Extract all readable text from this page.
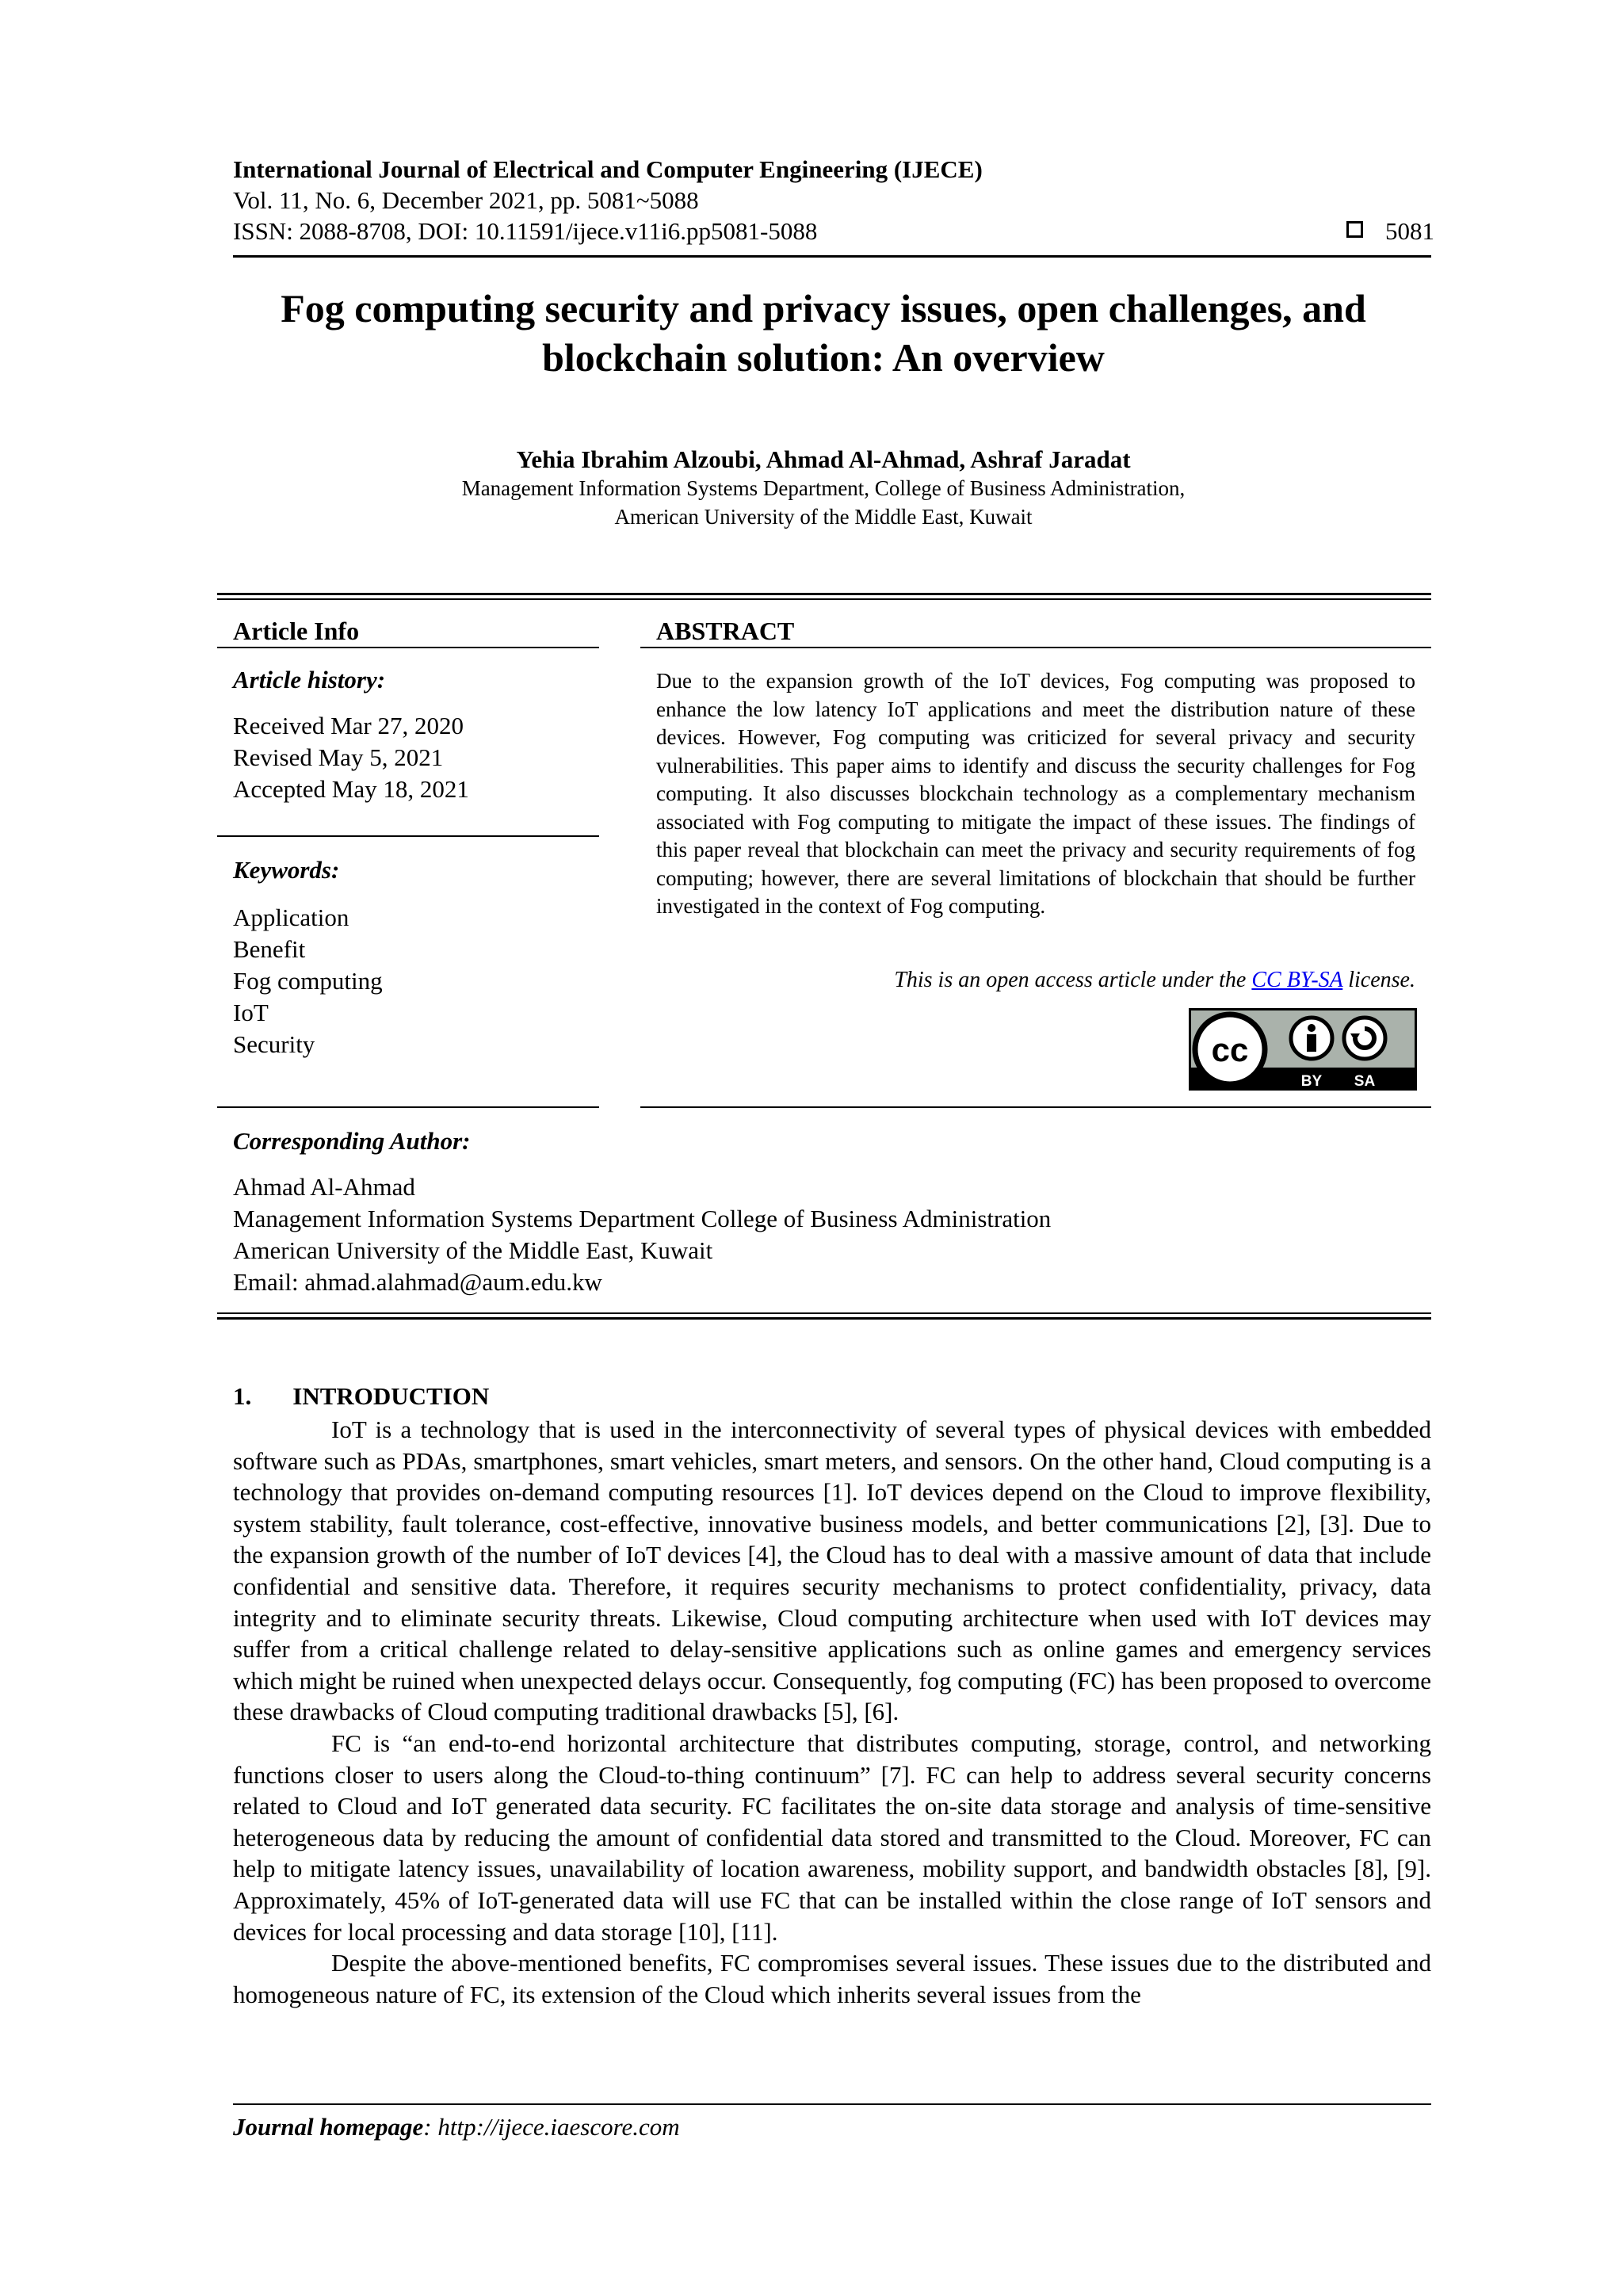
International Journal of Electrical and Computer Engineering (IJECE)
Vol. 11, No. 6, December 2021, pp. 5081~5088
ISSN: 2088-8708, DOI: 10.11591/ijece.v11i6.pp5081-5088	5081
Fog computing security and privacy issues, open challenges, and
blockchain solution: An overview
Yehia Ibrahim Alzoubi, Ahmad Al-Ahmad, Ashraf Jaradat
Management Information Systems Department, College of Business Administration,
American University of the Middle East, Kuwait
Article Info
Article history:
Received Mar 27, 2020
Revised May 5, 2021
Accepted May 18, 2021
Keywords:
Application
Benefit
Fog computing
IoT
Security
ABSTRACT
Due to the expansion growth of the IoT devices, Fog computing was proposed to enhance the low latency IoT applications and meet the distribution nature of these devices. However, Fog computing was criticized for several privacy and security vulnerabilities. This paper aims to identify and discuss the security challenges for Fog computing. It also discusses blockchain technology as a complementary mechanism associated with Fog computing to mitigate the impact of these issues. The findings of this paper reveal that blockchain can meet the privacy and security requirements of fog computing; however, there are several limitations of blockchain that should be further investigated in the context of Fog computing.
This is an open access article under the CC BY-SA license.
cc
BY SA
Corresponding Author:
Ahmad Al-Ahmad
Management Information Systems Department College of Business Administration
American University of the Middle East, Kuwait
Email: ahmad.alahmad@aum.edu.kw
1. INTRODUCTION

IoT is a technology that is used in the interconnectivity of several types of physical devices with embedded software such as PDAs, smartphones, smart vehicles, smart meters, and sensors. On the other hand, Cloud computing is a technology that provides on-demand computing resources [1]. IoT devices depend on the Cloud to improve flexibility, system stability, fault tolerance, cost-effective, innovative business models, and better communications [2], [3]. Due to the expansion growth of the number of IoT devices [4], the Cloud has to deal with a massive amount of data that include confidential and sensitive data. Therefore, it requires security mechanisms to protect confidentiality, privacy, data integrity and to eliminate security threats. Likewise, Cloud computing architecture when used with IoT devices may suffer from a critical challenge related to delay-sensitive applications such as online games and emergency services which might be ruined when unexpected delays occur. Consequently, fog computing (FC) has been proposed to overcome these drawbacks of Cloud computing traditional drawbacks [5], [6].

FC is “an end-to-end horizontal architecture that distributes computing, storage, control, and networking functions closer to users along the Cloud-to-thing continuum” [7]. FC can help to address several security concerns related to Cloud and IoT generated data security. FC facilitates the on-site data storage and analysis of time-sensitive heterogeneous data by reducing the amount of confidential data stored and transmitted to the Cloud. Moreover, FC can help to mitigate latency issues, unavailability of location awareness, mobility support, and bandwidth obstacles [8], [9]. Approximately, 45% of IoT-generated data will use FC that can be installed within the close range of IoT sensors and devices for local processing and data storage [10], [11].

Despite the above-mentioned benefits, FC compromises several issues. These issues due to the distributed and homogeneous nature of FC, its extension of the Cloud which inherits several issues from the

Journal homepage: http://ijece.iaescore.com
